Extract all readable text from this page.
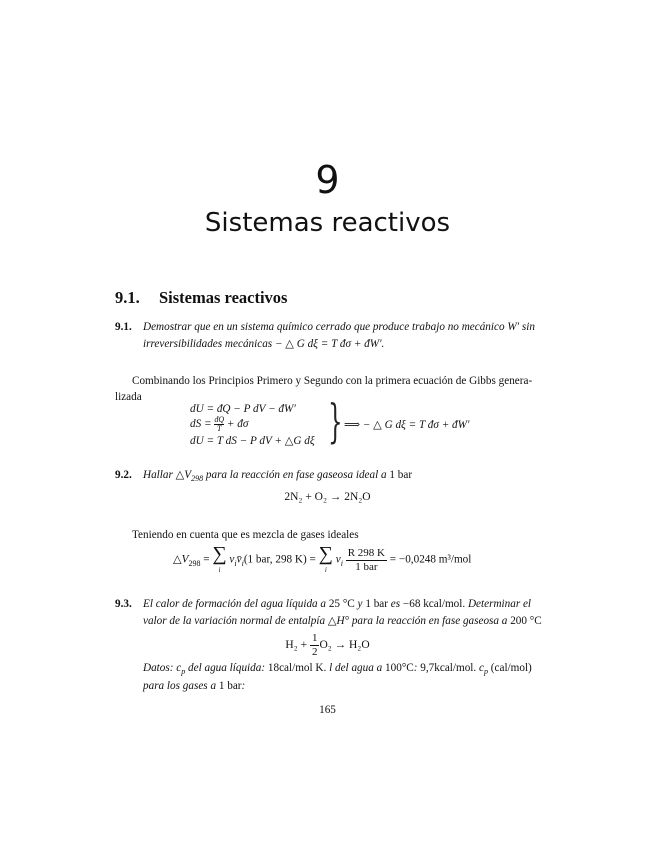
9
Sistemas reactivos
9.1. Sistemas reactivos
9.1.	Demostrar que en un sistema químico cerrado que produce trabajo no mecánico W′ sin
irreversibilidades mecánicas − △ G dξ = T đσ + đW′.
Combinando los Principios Primero y Segundo con la primera ecuación de Gibbs genera-
lizada
dU = đQ − P dV − đW′
dS = $\frac{đQ}{T}$ + đσ
dU = T dS − P dV + △G dξ } ⟹ − △ G dξ = T đσ + đW′
9.2.	Hallar $\triangle V_{298}$ para la reacción en fase gaseosa ideal a 1 bar
2N₂ + O₂ → 2N₂O
Teniendo en cuenta que es mezcla de gases ideales
$\triangle V_{298}$ = ∑
i
$\nu_iv̄_i(1$ bar, 298 K) = ∑
i
$\nu_i \frac{R 298 K}{\text{1 bar}} = -0,0248$ m³/mol
9.3.	El calor de formación del agua líquida a 25 °C y 1 bar es −68 kcal/mol. Determinar el
valor de la variación normal de entalpía △H° para la reacción en fase gaseosa a 200 °C
$H_2 + \frac{1}{2} O_2 \to H_2O$
Datos: $c_p$ del agua líquida: 18cal/mol K. l del agua a 100°C: 9,7kcal/mol. $c_p$ (cal/mol)
para los gases a 1 bar:
165
